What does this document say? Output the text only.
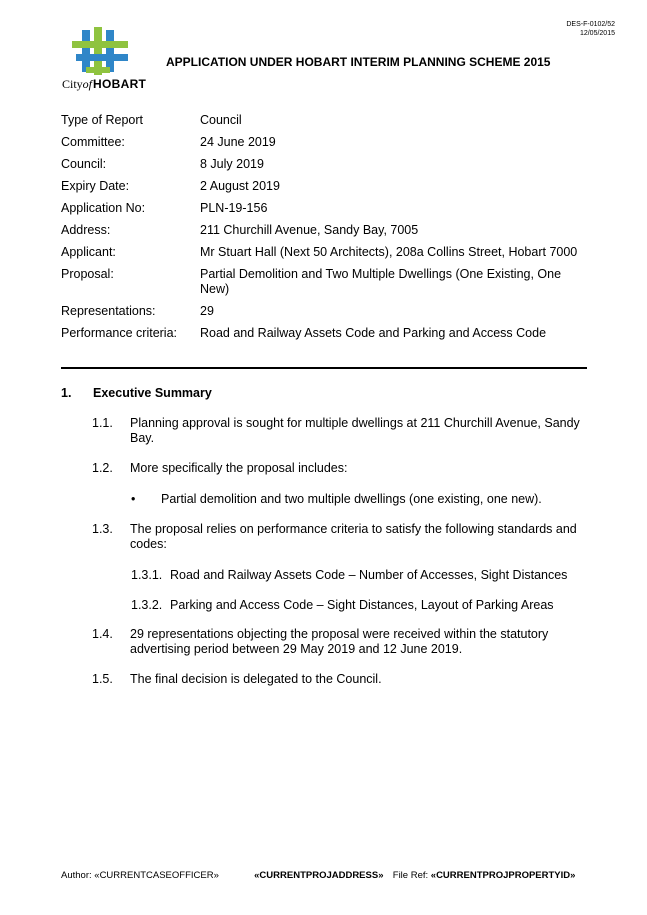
DES-F-0102/52
12/05/2015
Cityof HOBART
APPLICATION UNDER HOBART INTERIM PLANNING SCHEME 2015
Type of Report	Council
Committee:	24 June 2019
Council:	8 July 2019
Expiry Date:	2 August 2019
Application No:	PLN-19-156
Address:	211 Churchill Avenue, Sandy Bay, 7005
Applicant:	Mr Stuart Hall (Next 50 Architects), 208a Collins Street, Hobart 7000
Proposal:	Partial Demolition and Two Multiple Dwellings (One Existing, One New)
Representations:	29
Performance criteria:	Road and Railway Assets Code and Parking and Access Code
1. Executive Summary
1.1.	Planning approval is sought for multiple dwellings at 211 Churchill Avenue, Sandy Bay.
1.2.	More specifically the proposal includes:
•	Partial demolition and two multiple dwellings (one existing, one new).
1.3.	The proposal relies on performance criteria to satisfy the following standards and codes:
1.3.1. Road and Railway Assets Code – Number of Accesses, Sight Distances
1.3.2. Parking and Access Code – Sight Distances, Layout of Parking Areas
1.4.	29 representations objecting the proposal were received within the statutory advertising period between 29 May 2019 and 12 June 2019.
1.5.	The final decision is delegated to the Council.
Author: «CURRENTCASEOFFICER»	«CURRENTPROJADDRESS» File Ref: «CURRENTPROJPROPERTYID»
